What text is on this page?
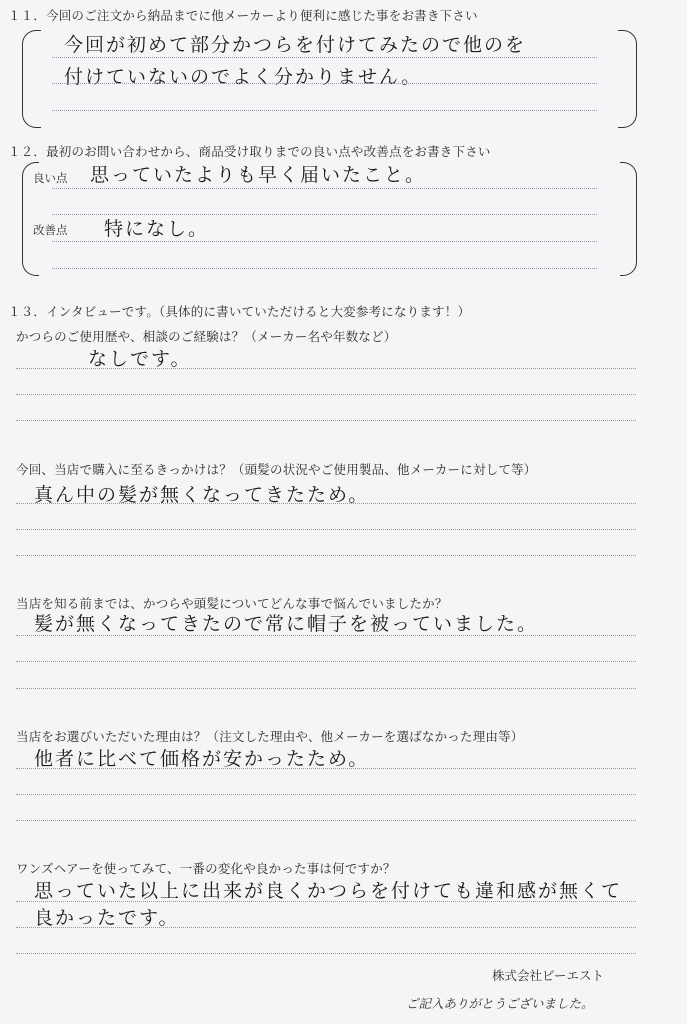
１１．今回のご注文から納品までに他メーカーより便利に感じた事をお書き下さい
今回が初めて部分かつらを付けてみたので他のを
付けていないのでよく分かりません。
１２．最初のお問い合わせから、商品受け取りまでの良い点や改善点をお書き下さい
良い点 思っていたよりも早く届いたこと。
改善点 特になし。
１３．インタビューです。（具体的に書いていただけると大変参考になります！）
かつらのご使用歴や、相談のご経験は？（メーカー名や年数など）
なしです。
今回、当店で購入に至るきっかけは？（頭髪の状況やご使用製品、他メーカーに対して等）
真ん中の髪が無くなってきたため。
当店を知る前までは、かつらや頭髪についてどんな事で悩んでいましたか？
髪が無くなってきたので常に帽子を被っていました。
当店をお選びいただいた理由は？（注文した理由や、他メーカーを選ばなかった理由等）
他者に比べて価格が安かったため。
ワンズヘアーを使ってみて、一番の変化や良かった事は何ですか？
思っていた以上に出来が良くかつらを付けても違和感が無くて
良かったです。
株式会社ビーエスト
ご記入ありがとうございました。
